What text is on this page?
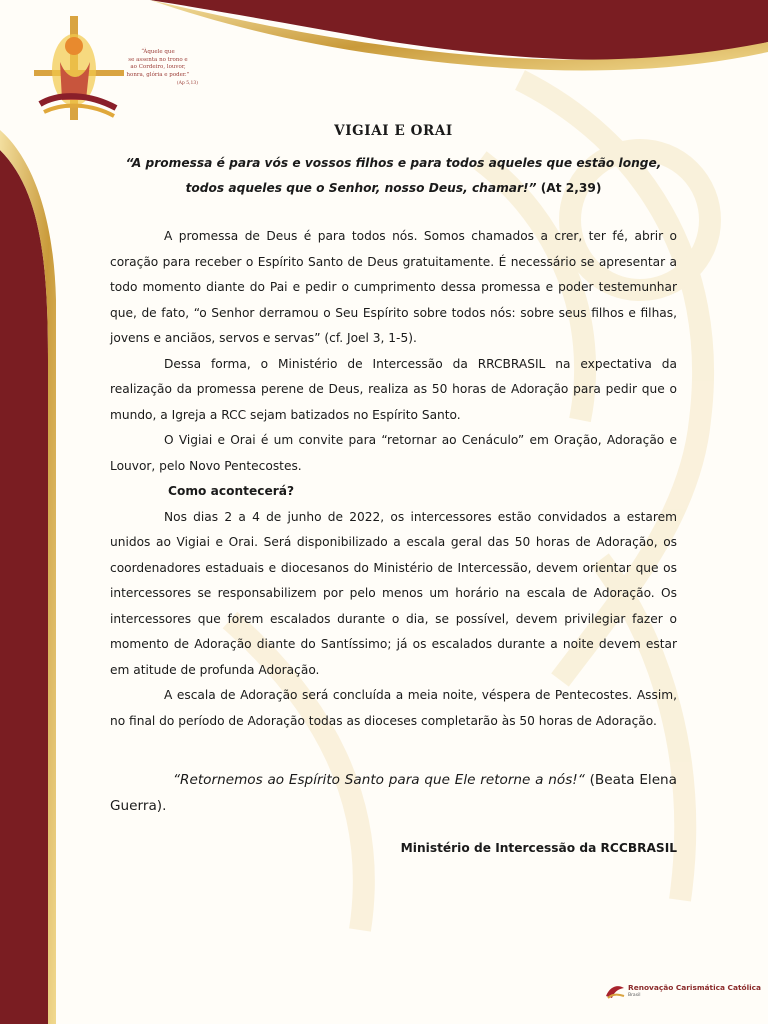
“Àquele que
se assenta no trono e
ao Cordeiro, louvor,
honra, glória e poder.”
(Ap 5,13)
VIGIAI E ORAI

“A promessa é para vós e vossos filhos e para todos aqueles que estão longe, todos aqueles que o Senhor, nosso Deus, chamar!” (At 2,39)

A promessa de Deus é para todos nós. Somos chamados a crer, ter fé, abrir o coração para receber o Espírito Santo de Deus gratuitamente. É necessário se apresentar a todo momento diante do Pai e pedir o cumprimento dessa promessa e poder testemunhar que, de fato, “o Senhor derramou o Seu Espírito sobre todos nós: sobre seus filhos e filhas, jovens e anciãos, servos e servas” (cf. Joel 3, 1-5).

Dessa forma, o Ministério de Intercessão da RRCBRASIL na expectativa da realização da promessa perene de Deus, realiza as 50 horas de Adoração para pedir que o mundo, a Igreja a RCC sejam batizados no Espírito Santo.

O Vigiai e Orai é um convite para “retornar ao Cenáculo” em Oração, Adoração e Louvor, pelo Novo Pentecostes.

Como acontecerá?

Nos dias 2 a 4 de junho de 2022, os intercessores estão convidados a estarem unidos ao Vigiai e Orai. Será disponibilizado a escala geral das 50 horas de Adoração, os coordenadores estaduais e diocesanos do Ministério de Intercessão, devem orientar que os intercessores se responsabilizem por pelo menos um horário na escala de Adoração. Os intercessores que forem escalados durante o dia, se possível, devem privilegiar fazer o momento de Adoração diante do Santíssimo; já os escalados durante a noite devem estar em atitude de profunda Adoração.

A escala de Adoração será concluída a meia noite, véspera de Pentecostes. Assim, no final do período de Adoração todas as dioceses completarão às 50 horas de Adoração.

“Retornemos ao Espírito Santo para que Ele retorne a nós!“ (Beata Elena Guerra).

Ministério de Intercessão da RCCBRASIL
Renovação Carismática Católica
Brasil
